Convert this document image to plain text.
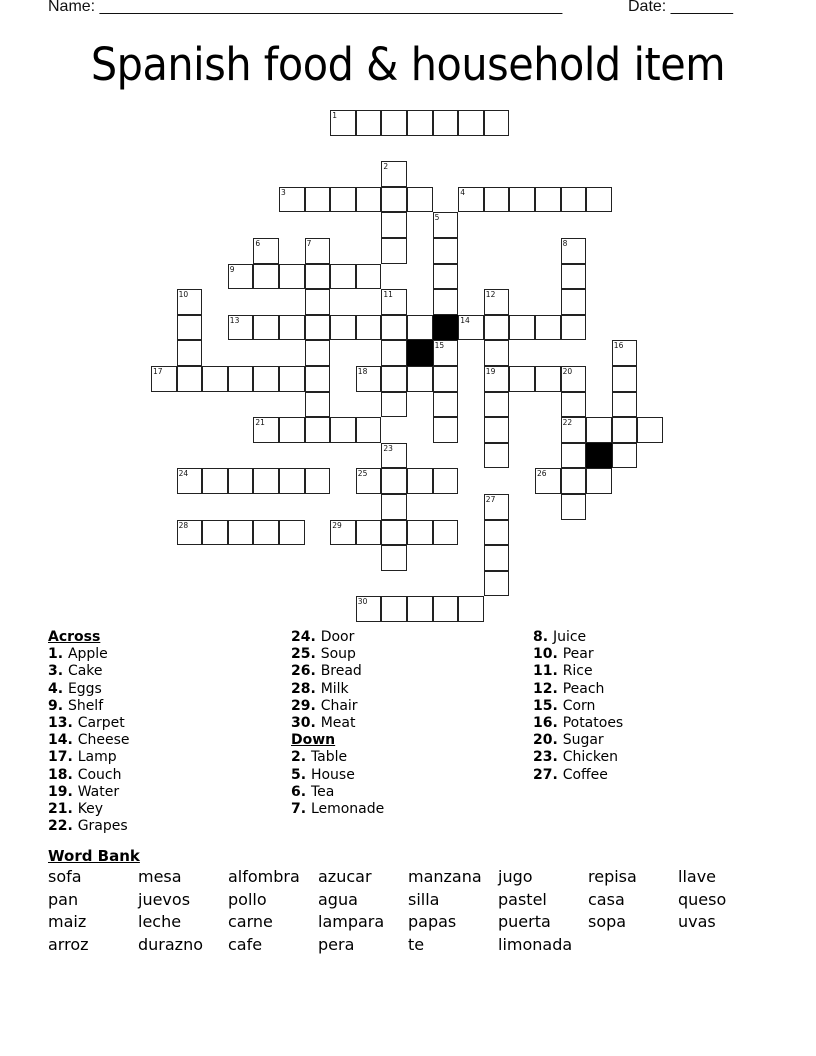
Name: ____________________________________________________	Date: _______
Spanish food & household item
1
2
3	4
5
6	7	8
9
10	11	12
19
13	14
15	16
17	18	20
22
21
23
24	25	26
27
28	29
30
Across
1. Apple
3. Cake
4. Eggs
9. Shelf
13. Carpet
14. Cheese
17. Lamp
18. Couch
19. Water
21. Key
22. Grapes
24. Door
25. Soup
26. Bread
28. Milk
29. Chair
30. Meat
Down
2. Table
5. House
6. Tea
7. Lemonade
8. Juice
10. Pear
11. Rice
12. Peach
15. Corn
16. Potatoes
20. Sugar
23. Chicken
27. Coffee
Word Bank
sofa	mesa	alfombra	azucar	manzana	jugo	repisa	llave
pan	juevos	pollo	agua	silla	pastel	casa	queso
maiz	leche	carne	lampara	papas	puerta	sopa	uvas
arroz	durazno	cafe	pera	te	limonada
